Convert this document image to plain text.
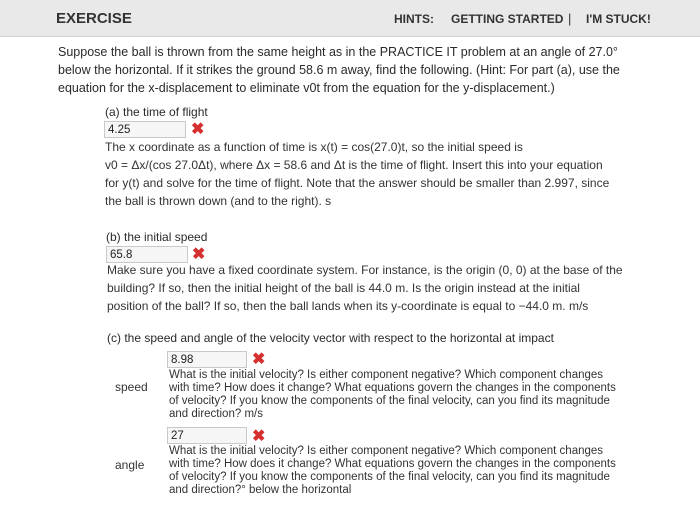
EXERCISE	HINTS: GETTING STARTED | I'M STUCK!
Suppose the ball is thrown from the same height as in the PRACTICE IT problem at an angle of 27.0°
below the horizontal. If it strikes the ground 58.6 m away, find the following. (Hint: For part (a), use the
equation for the x-displacement to eliminate v0t from the equation for the y-displacement.)
(a) the time of flight
4.25	✖
The x coordinate as a function of time is x(t) = cos(27.0)t, so the initial speed is
v0 = Δx/(cos 27.0Δt), where Δx = 58.6 and Δt is the time of flight. Insert this into your equation
for y(t) and solve for the time of flight. Note that the answer should be smaller than 2.997, since
the ball is thrown down (and to the right). s
(b) the initial speed
65.8	✖
Make sure you have a fixed coordinate system. For instance, is the origin (0, 0) at the base of the
building? If so, then the initial height of the ball is 44.0 m. Is the origin instead at the initial
position of the ball? If so, then the ball lands when its y-coordinate is equal to −44.0 m. m/s
(c) the speed and angle of the velocity vector with respect to the horizontal at impact
speed
8.98	✖
What is the initial velocity? Is either component negative? Which component changes
with time? How does it change? What equations govern the changes in the components
of velocity? If you know the components of the final velocity, can you find its magnitude
and direction? m/s
angle
27	✖
What is the initial velocity? Is either component negative? Which component changes
with time? How does it change? What equations govern the changes in the components
of velocity? If you know the components of the final velocity, can you find its magnitude
and direction?° below the horizontal
